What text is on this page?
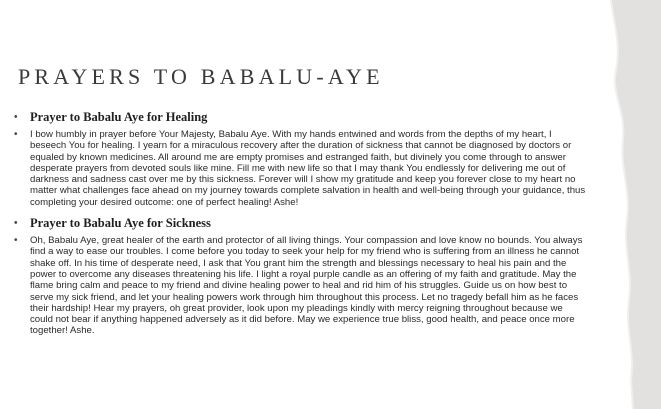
PRAYERS TO BABALU-AYE
• Prayer to Babalu Aye for Healing
• I bow humbly in prayer before Your Majesty, Babalu Aye. With my hands entwined and words from the depths of my heart, I beseech You for healing. I yearn for a miraculous recovery after the duration of sickness that cannot be diagnosed by doctors or equaled by known medicines. All around me are empty promises and estranged faith, but divinely you come through to answer desperate prayers from devoted souls like mine. Fill me with new life so that I may thank You endlessly for delivering me out of darkness and sadness cast over me by this sickness. Forever will I show my gratitude and keep you forever close to my heart no matter what challenges face ahead on my journey towards complete salvation in health and well-being through your guidance, thus completing your desired outcome: one of perfect healing! Ashe!
• Prayer to Babalu Aye for Sickness
• Oh, Babalu Aye, great healer of the earth and protector of all living things. Your compassion and love know no bounds. You always find a way to ease our troubles. I come before you today to seek your help for my friend who is suffering from an illness he cannot shake off. In his time of desperate need, I ask that You grant him the strength and blessings necessary to heal his pain and the power to overcome any diseases threatening his life. I light a royal purple candle as an offering of my faith and gratitude. May the flame bring calm and peace to my friend and divine healing power to heal and rid him of his struggles. Guide us on how best to serve my sick friend, and let your healing powers work through him throughout this process. Let no tragedy befall him as he faces their hardship! Hear my prayers, oh great provider, look upon my pleadings kindly with mercy reigning throughout because we could not bear if anything happened adversely as it did before. May we experience true bliss, good health, and peace once more together! Ashe.
